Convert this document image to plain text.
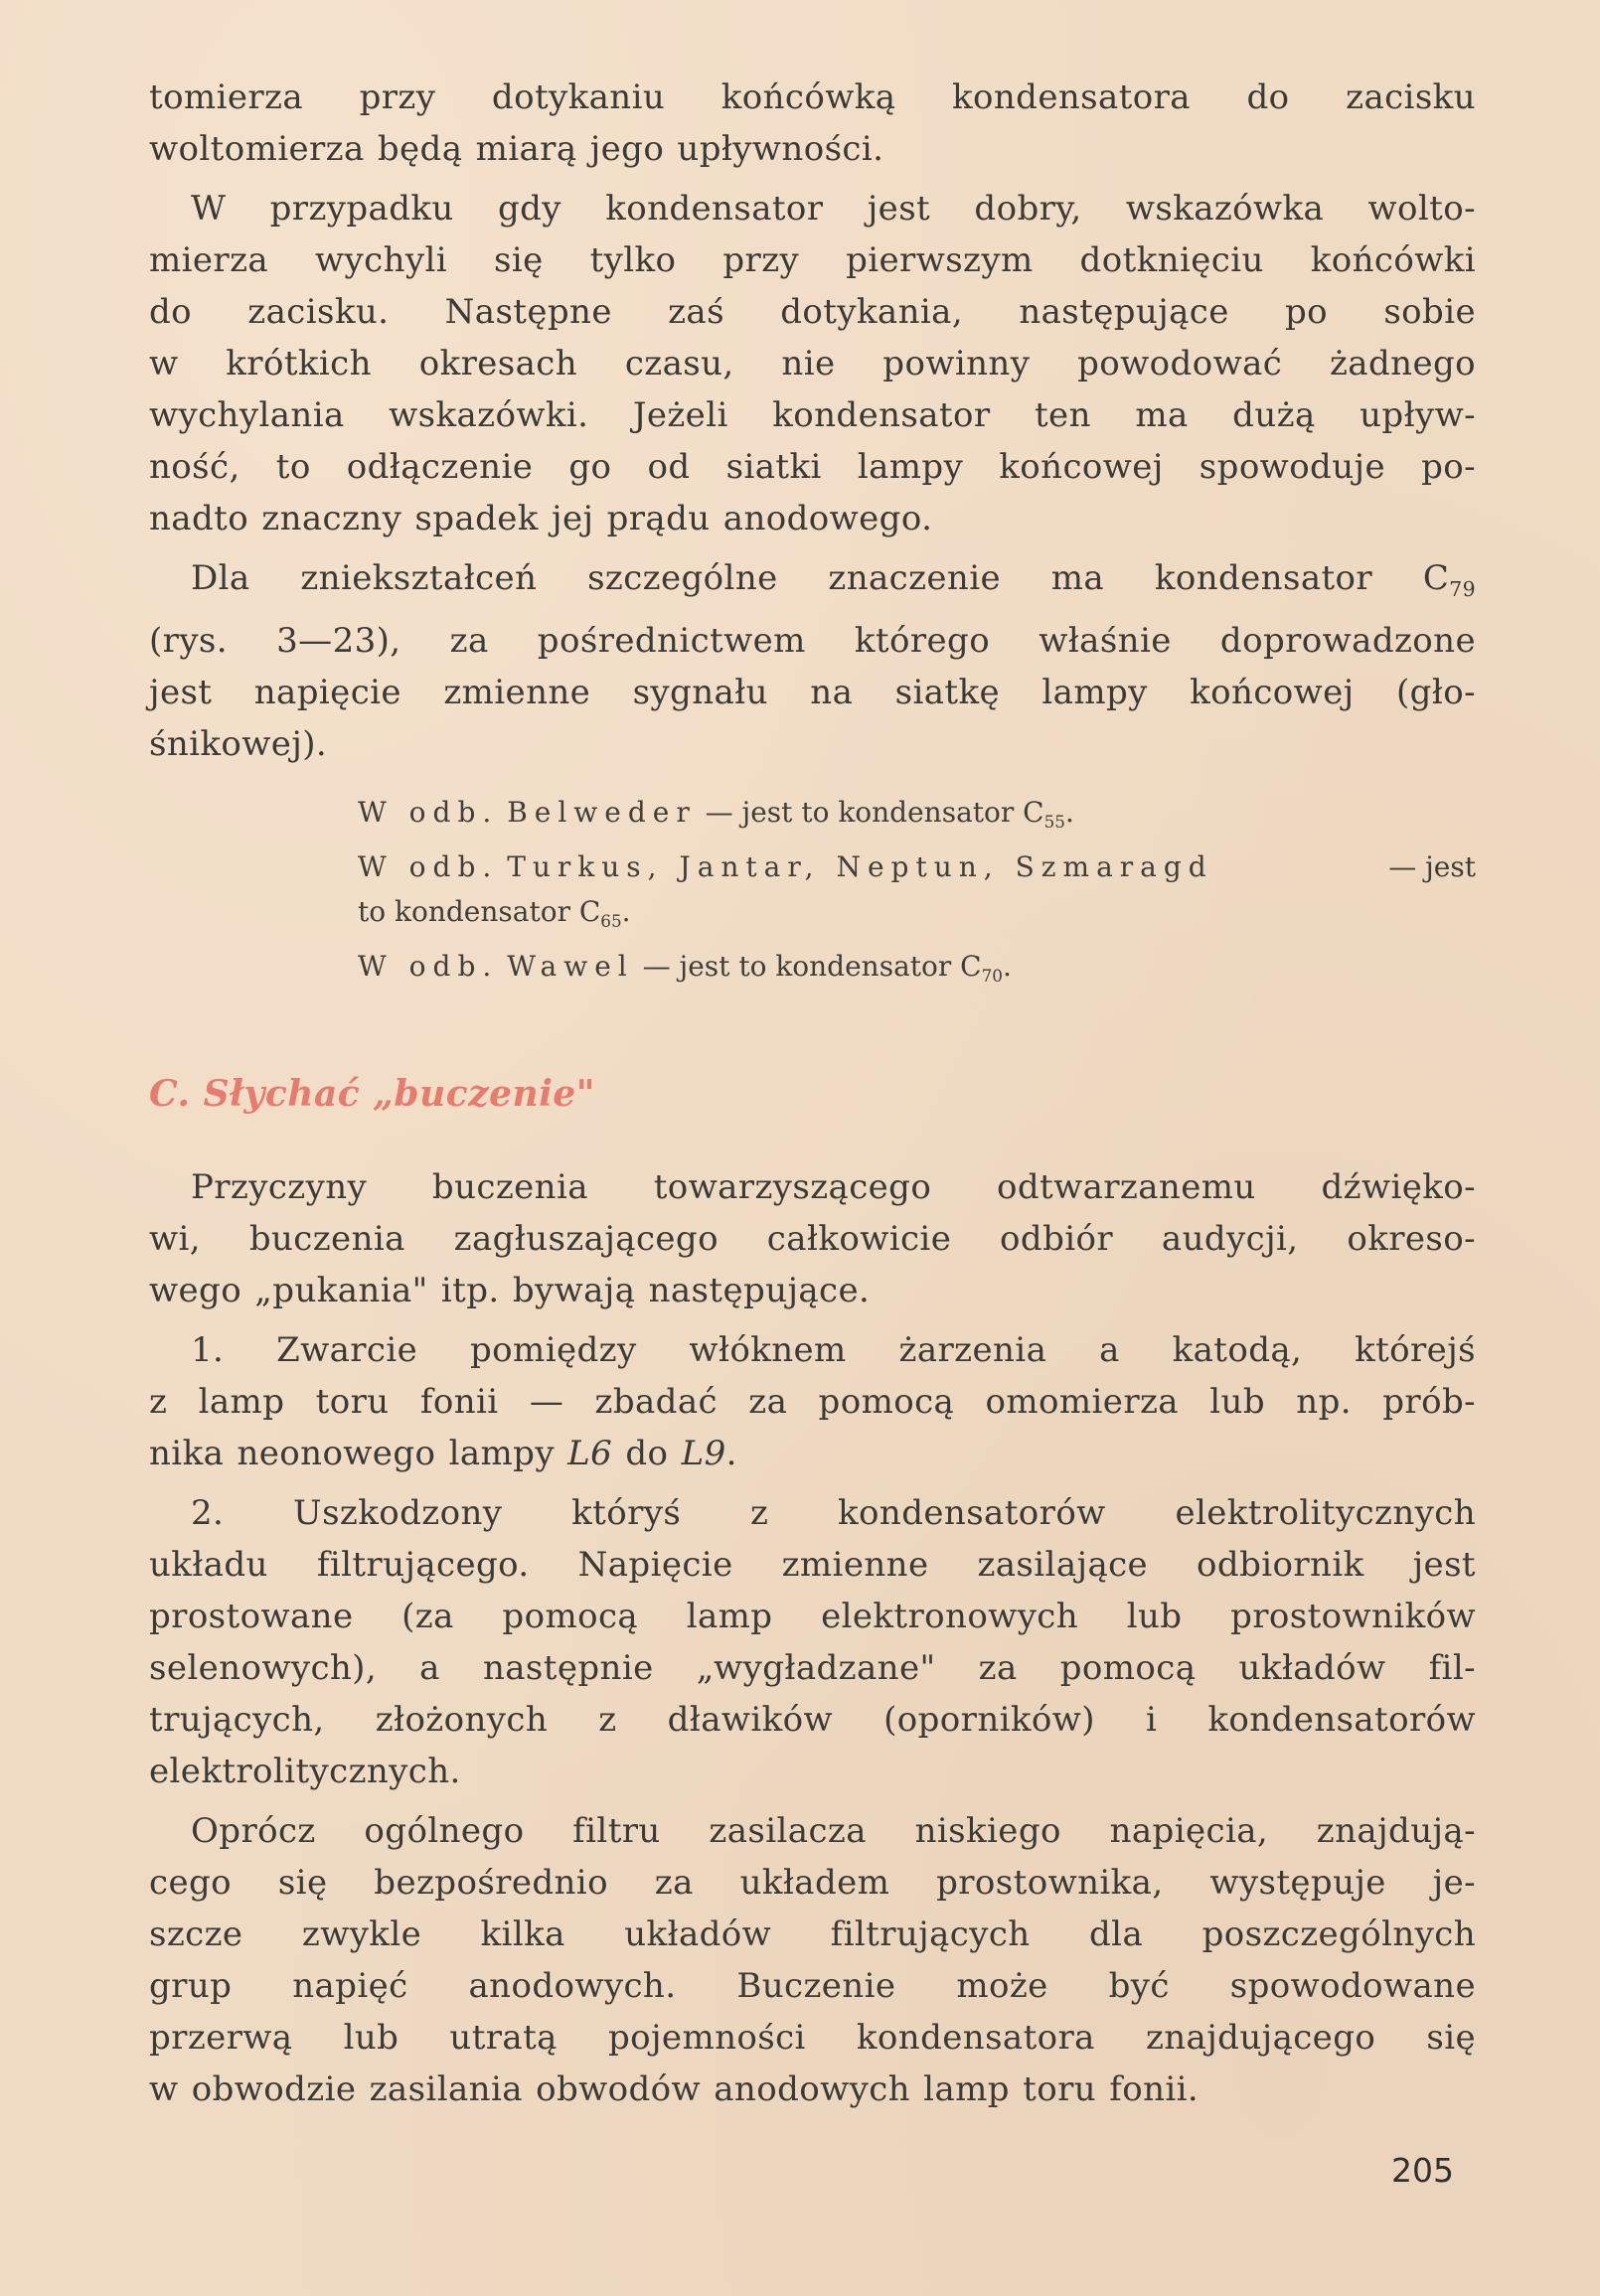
tomierza przy dotykaniu końcówką kondensatora do zacisku
woltomierza będą miarą jego upływności.

W przypadku gdy kondensator jest dobry, wskazówka wolto-
mierza wychyli się tylko przy pierwszym dotknięciu końcówki
do zacisku. Następne zaś dotykania, następujące po sobie
w krótkich okresach czasu, nie powinny powodować żadnego
wychylania wskazówki. Jeżeli kondensator ten ma dużą upływ-
ność, to odłączenie go od siatki lampy końcowej spowoduje po-
nadto znaczny spadek jej prądu anodowego.

Dla zniekształceń szczególne znaczenie ma kondensator $C_{79}$
(rys. 3—23), za pośrednictwem którego właśnie doprowadzone
jest napięcie zmienne sygnału na siatkę lampy końcowej (gło-
śnikowej).

W odb. Belweder — jest to kondensator $C_{55}$.
W odb. Turkus, Jantar, Neptun, Szmaragd	— jest
to kondensator $C_{65}$.
W odb. Wawel — jest to kondensator $C_{70}$.
C. Słychać „buczenie"

Przyczyny buczenia towarzyszącego odtwarzanemu dźwięko-
wi, buczenia zagłuszającego całkowicie odbiór audycji, okreso-
wego „pukania" itp. bywają następujące.

1. Zwarcie pomiędzy włóknem żarzenia a katodą, którejś
z lamp toru fonii — zbadać za pomocą omomierza lub np. prób-
nika neonowego lampy L6 do L9.

2. Uszkodzony któryś z kondensatorów elektrolitycznych
układu filtrującego. Napięcie zmienne zasilające odbiornik jest
prostowane (za pomocą lamp elektronowych lub prostowników
selenowych), a następnie „wygładzane" za pomocą układów fil-
trujących, złożonych z dławików (oporników) i kondensatorów
elektrolitycznych.

Oprócz ogólnego filtru zasilacza niskiego napięcia, znajdują-
cego się bezpośrednio za układem prostownika, występuje je-
szcze zwykle kilka układów filtrujących dla poszczególnych
grup napięć anodowych. Buczenie może być spowodowane
przerwą lub utratą pojemności kondensatora znajdującego się
w obwodzie zasilania obwodów anodowych lamp toru fonii.

205
